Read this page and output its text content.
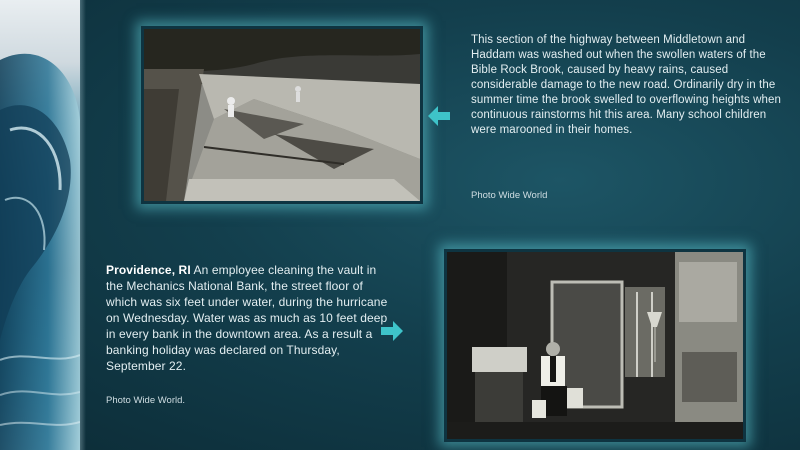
This section of the highway between Middletown and Haddam was washed out when the swollen waters of the Bible Rock Brook, caused by heavy rains, caused considerable damage to the new road. Ordinarily dry in the summer time the brook swelled to overflowing heights when continuous rainstorms hit this area. Many school children were marooned in their homes.
Photo Wide World
Providence, RI An employee cleaning the vault in the Mechanics National Bank, the street floor of which was six feet under water, during the hurricane on Wednesday. Water was as much as 10 feet deep in every bank in the downtown area. As a result a banking holiday was declared on Thursday, September 22.
Photo Wide World.
